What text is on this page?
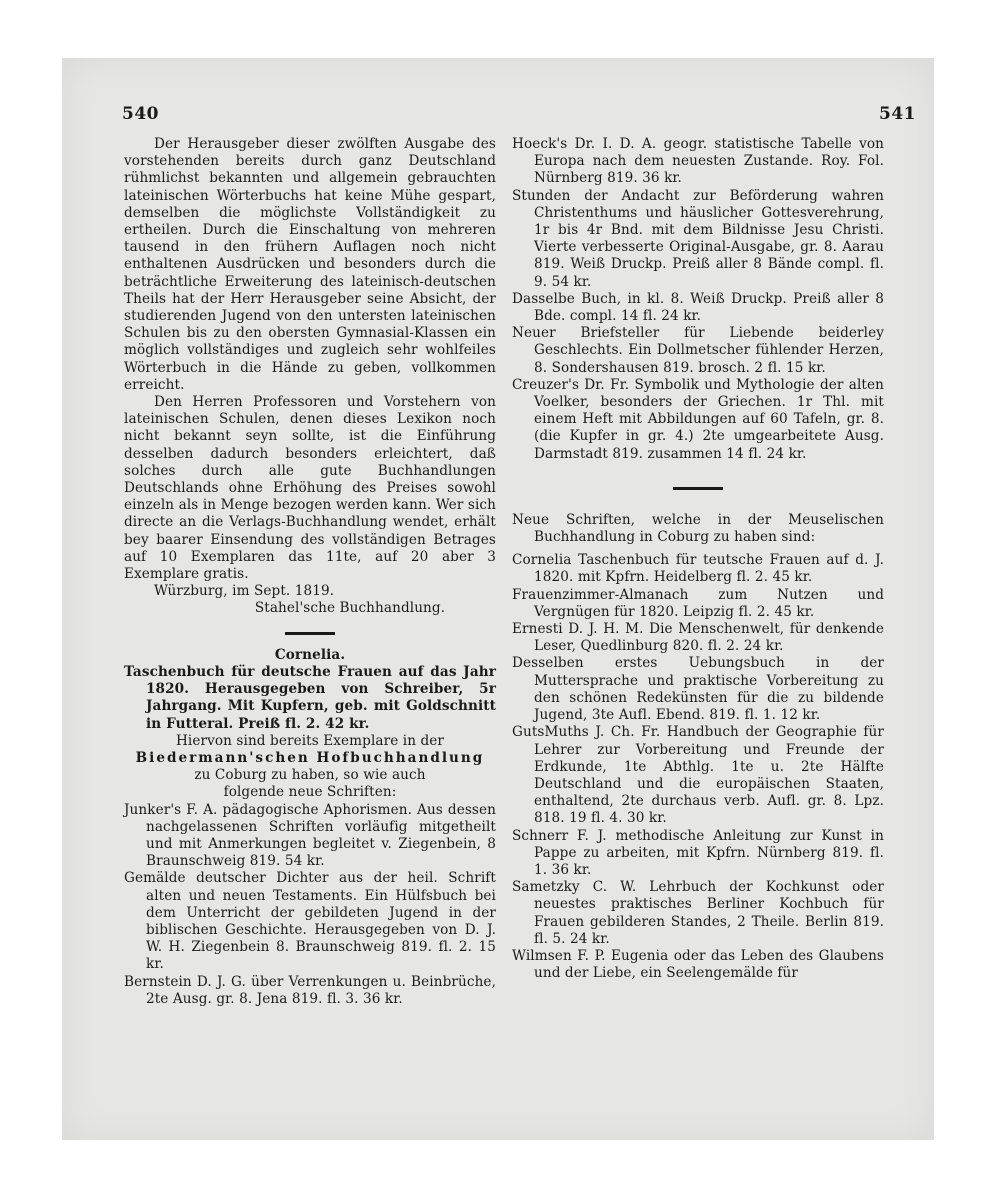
540	541

Der Herausgeber dieser zwölften Ausgabe des vorstehenden bereits durch ganz Deutschland rühmlichst bekannten und allgemein gebrauchten lateinischen Wörterbuchs hat keine Mühe gespart, demselben die möglichste Vollständigkeit zu ertheilen. Durch die Einschaltung von mehreren tausend in den frühern Auflagen noch nicht enthaltenen Ausdrücken und besonders durch die beträchtliche Erweiterung des lateinisch-deutschen Theils hat der Herr Herausgeber seine Absicht, der studierenden Jugend von den untersten lateinischen Schulen bis zu den obersten Gymnasial-Klassen ein möglich vollständiges und zugleich sehr wohlfeiles Wörterbuch in die Hände zu geben, vollkommen erreicht.

Den Herren Professoren und Vorstehern von lateinischen Schulen, denen dieses Lexikon noch nicht bekannt seyn sollte, ist die Einführung desselben dadurch besonders erleichtert, daß solches durch alle gute Buchhandlungen Deutschlands ohne Erhöhung des Preises sowohl einzeln als in Menge bezogen werden kann. Wer sich directe an die Verlags-Buchhandlung wendet, erhält bey baarer Einsendung des vollständigen Betrages auf 10 Exemplaren das 11te, auf 20 aber 3 Exemplare gratis.

Würzburg, im Sept. 1819.

Stahel'sche Buchhandlung.

Cornelia.

Taschenbuch für deutsche Frauen auf das Jahr 1820. Herausgegeben von Schreiber, 5r Jahrgang. Mit Kupfern, geb. mit Goldschnitt in Futteral. Preiß fl. 2. 42 kr.

Hiervon sind bereits Exemplare in der

Biedermann'schen Hofbuchhandlung

zu Coburg zu haben, so wie auch

folgende neue Schriften:

Junker's F. A. pädagogische Aphorismen. Aus dessen nachgelassenen Schriften vorläufig mitgetheilt und mit Anmerkungen begleitet v. Ziegenbein, 8 Braunschweig 819. 54 kr.

Gemälde deutscher Dichter aus der heil. Schrift alten und neuen Testaments. Ein Hülfsbuch bei dem Unterricht der gebildeten Jugend in der biblischen Geschichte. Herausgegeben von D. J. W. H. Ziegenbein 8. Braunschweig 819. fl. 2. 15 kr.

Bernstein D. J. G. über Verrenkungen u. Beinbrüche, 2te Ausg. gr. 8. Jena 819. fl. 3. 36 kr.

Hoeck's Dr. I. D. A. geogr. statistische Tabelle von Europa nach dem neuesten Zustande. Roy. Fol. Nürnberg 819. 36 kr.

Stunden der Andacht zur Beförderung wahren Christenthums und häuslicher Gottesverehrung, 1r bis 4r Bnd. mit dem Bildnisse Jesu Christi. Vierte verbesserte Original-Ausgabe, gr. 8. Aarau 819. Weiß Druckp. Preiß aller 8 Bände compl. fl. 9. 54 kr.

Dasselbe Buch, in kl. 8. Weiß Druckp. Preiß aller 8 Bde. compl. 14 fl. 24 kr.

Neuer Briefsteller für Liebende beiderley Geschlechts. Ein Dollmetscher fühlender Herzen, 8. Sondershausen 819. brosch. 2 fl. 15 kr.

Creuzer's Dr. Fr. Symbolik und Mythologie der alten Voelker, besonders der Griechen. 1r Thl. mit einem Heft mit Abbildungen auf 60 Tafeln, gr. 8. (die Kupfer in gr. 4.) 2te umgearbeitete Ausg. Darmstadt 819. zusammen 14 fl. 24 kr.

Neue Schriften, welche in der Meuselischen Buchhandlung in Coburg zu haben sind:

Cornelia Taschenbuch für teutsche Frauen auf d. J. 1820. mit Kpfrn. Heidelberg fl. 2. 45 kr.

Frauenzimmer-Almanach zum Nutzen und Vergnügen für 1820. Leipzig fl. 2. 45 kr.

Ernesti D. J. H. M. Die Menschenwelt, für denkende Leser, Quedlinburg 820. fl. 2. 24 kr.

Desselben erstes Uebungsbuch in der Muttersprache und praktische Vorbereitung zu den schönen Redekünsten für die zu bildende Jugend, 3te Aufl. Ebend. 819. fl. 1. 12 kr.

GutsMuths J. Ch. Fr. Handbuch der Geographie für Lehrer zur Vorbereitung und Freunde der Erdkunde, 1te Abthlg. 1te u. 2te Hälfte Deutschland und die europäischen Staaten, enthaltend, 2te durchaus verb. Aufl. gr. 8. Lpz. 818. 19 fl. 4. 30 kr.

Schnerr F. J. methodische Anleitung zur Kunst in Pappe zu arbeiten, mit Kpfrn. Nürnberg 819. fl. 1. 36 kr.

Sametzky C. W. Lehrbuch der Kochkunst oder neuestes praktisches Berliner Kochbuch für Frauen gebilderen Standes, 2 Theile. Berlin 819. fl. 5. 24 kr.

Wilmsen F. P. Eugenia oder das Leben des Glaubens und der Liebe, ein Seelengemälde für
